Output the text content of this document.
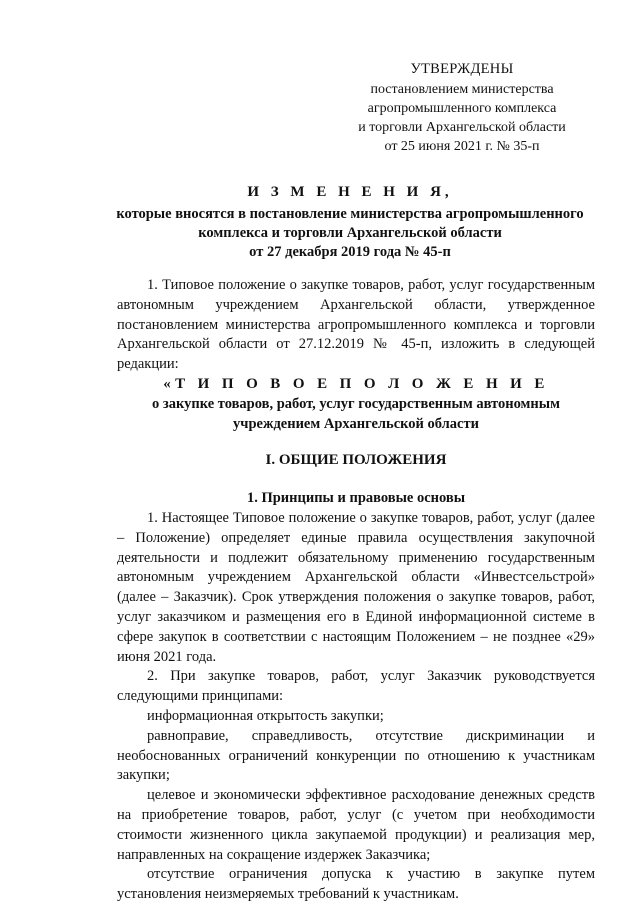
УТВЕРЖДЕНЫ
постановлением министерства
агропромышленного комплекса
и торговли Архангельской области
от 25 июня 2021 г. № 35-п
И З М Е Н Е Н И Я,
которые вносятся в постановление министерства агропромышленного
комплекса и торговли Архангельской области
от 27 декабря 2019 года № 45-п

1. Типовое положение о закупке товаров, работ, услуг государственным автономным учреждением Архангельской области, утвержденное постановлением министерства агропромышленного комплекса и торговли Архангельской области от 27.12.2019 № 45-п, изложить в следующей редакции:

«Т И П О В О Е П О Л О Ж Е Н И Е
о закупке товаров, работ, услуг государственным автономным
учреждением Архангельской области
I. ОБЩИЕ ПОЛОЖЕНИЯ
1. Принципы и правовые основы

1. Настоящее Типовое положение о закупке товаров, работ, услуг (далее – Положение) определяет единые правила осуществления закупочной деятельности и подлежит обязательному применению государственным автономным учреждением Архангельской области «Инвестсельстрой» (далее – Заказчик). Срок утверждения положения о закупке товаров, работ, услуг заказчиком и размещения его в Единой информационной системе в сфере закупок в соответствии с настоящим Положением – не позднее «29» июня 2021 года.

2. При закупке товаров, работ, услуг Заказчик руководствуется следующими принципами:

информационная открытость закупки;

равноправие, справедливость, отсутствие дискриминации и необоснованных ограничений конкуренции по отношению к участникам закупки;

целевое и экономически эффективное расходование денежных средств на приобретение товаров, работ, услуг (с учетом при необходимости стоимости жизненного цикла закупаемой продукции) и реализация мер, направленных на сокращение издержек Заказчика;

отсутствие ограничения допуска к участию в закупке путем установления неизмеряемых требований к участникам.
